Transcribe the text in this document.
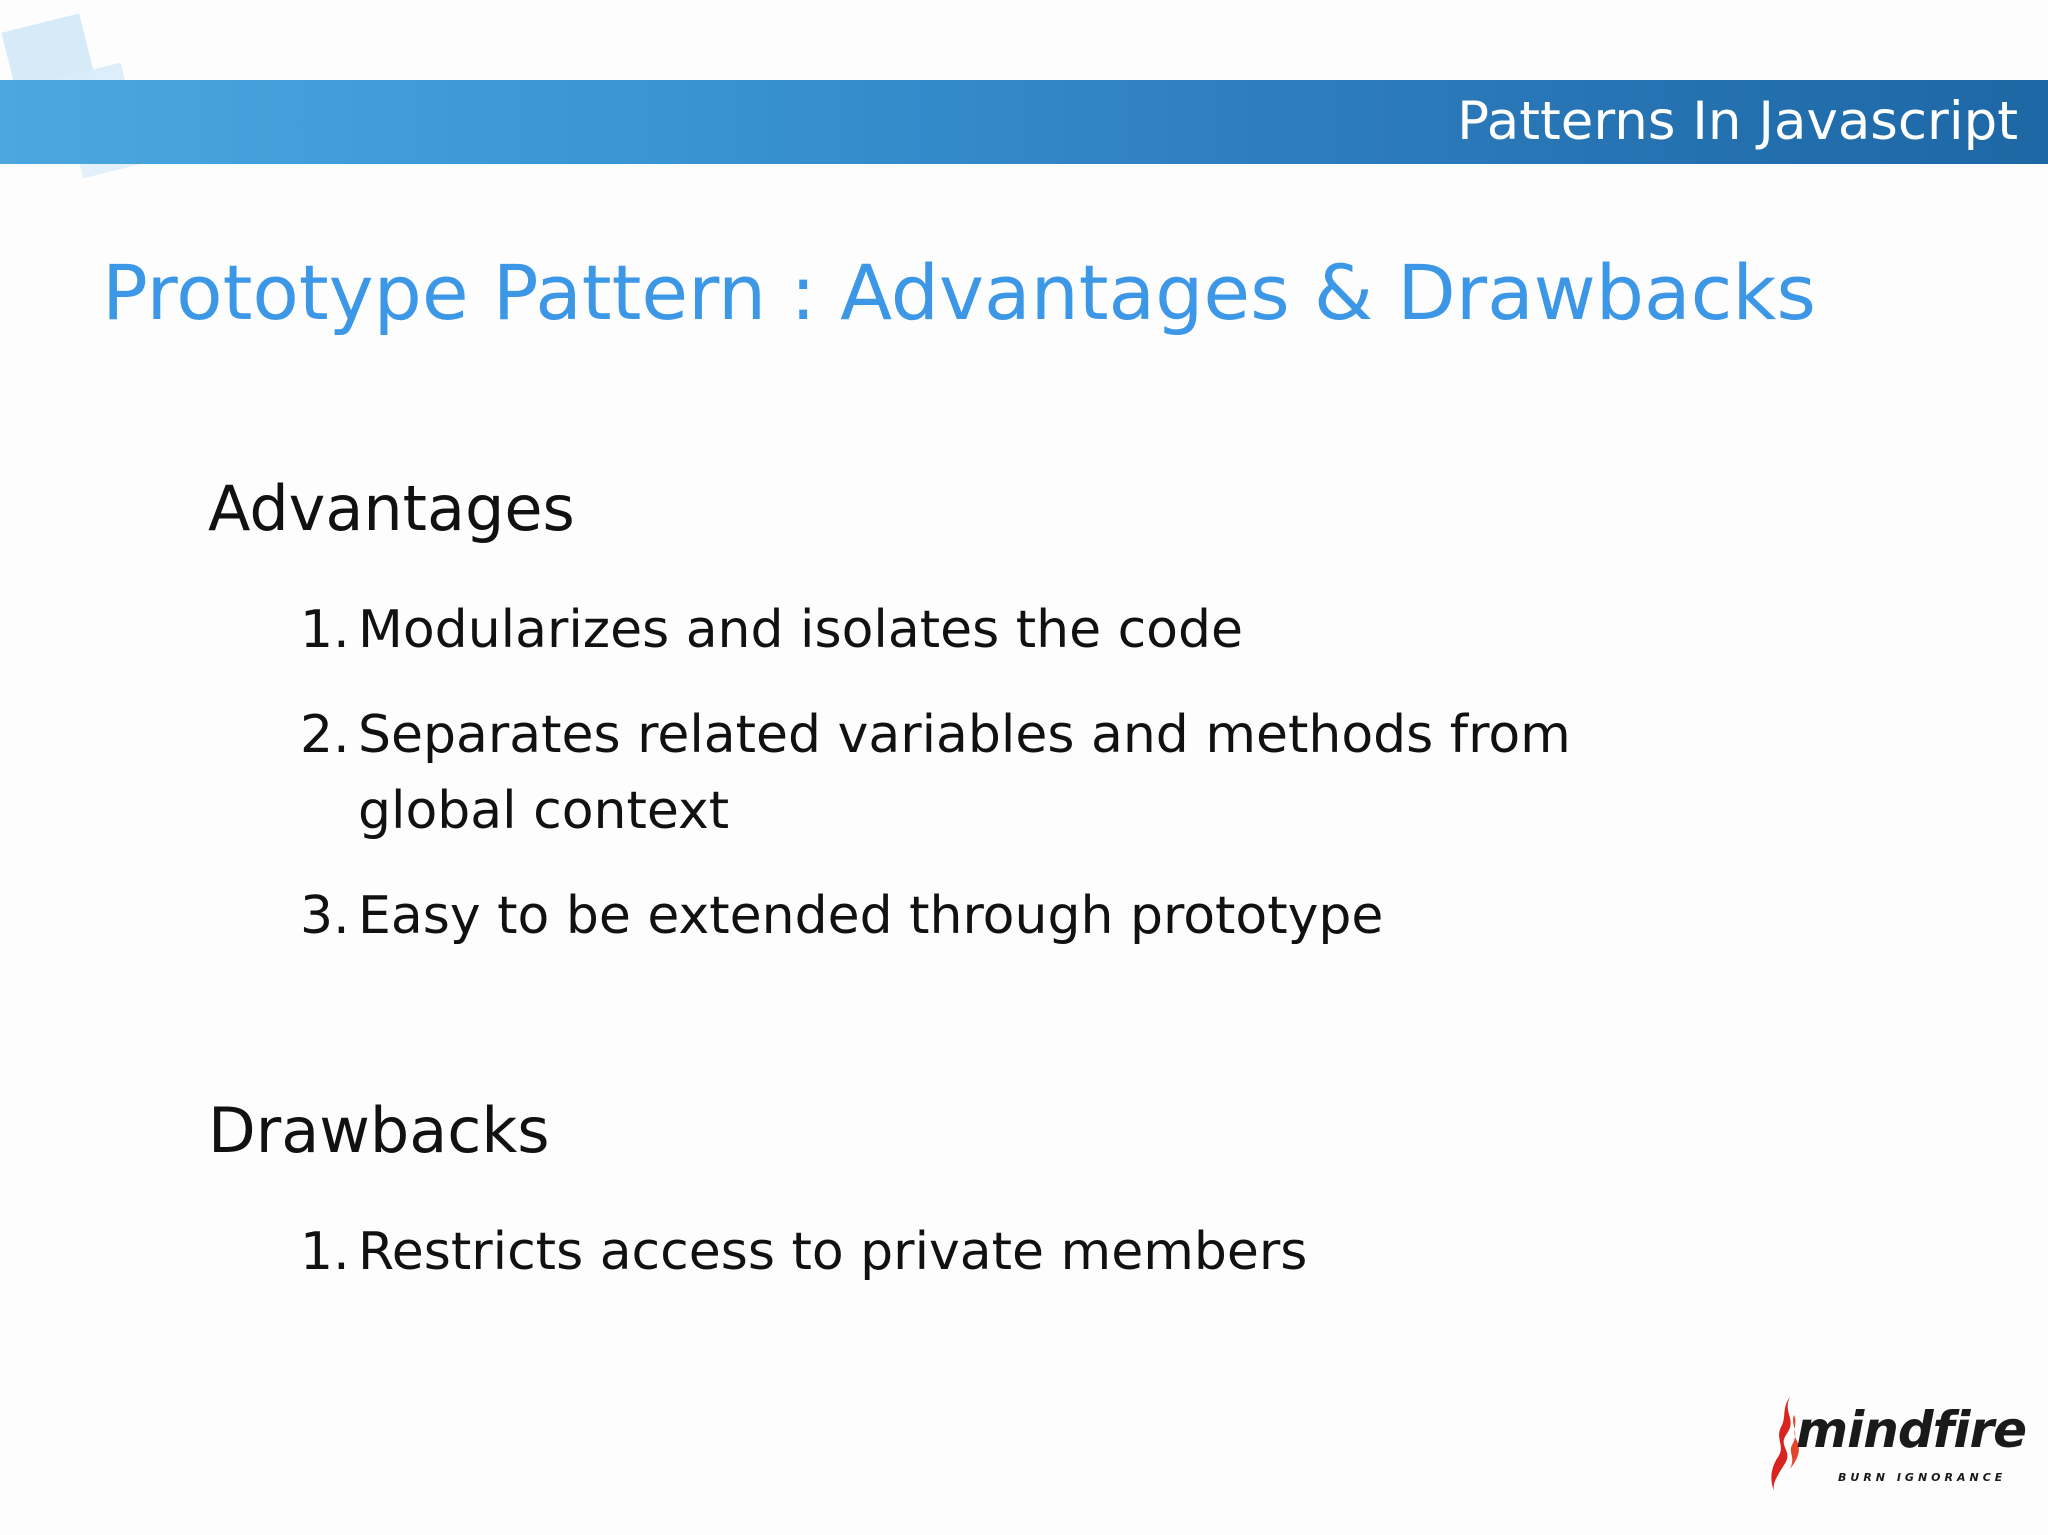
Patterns In Javascript
Prototype Pattern : Advantages & Drawbacks
Advantages
1. Modularizes and isolates the code
2. Separates related variables and methods from global context
3. Easy to be extended through prototype
Drawbacks
1. Restricts access to private members
mindfire
BURN IGNORANCE
